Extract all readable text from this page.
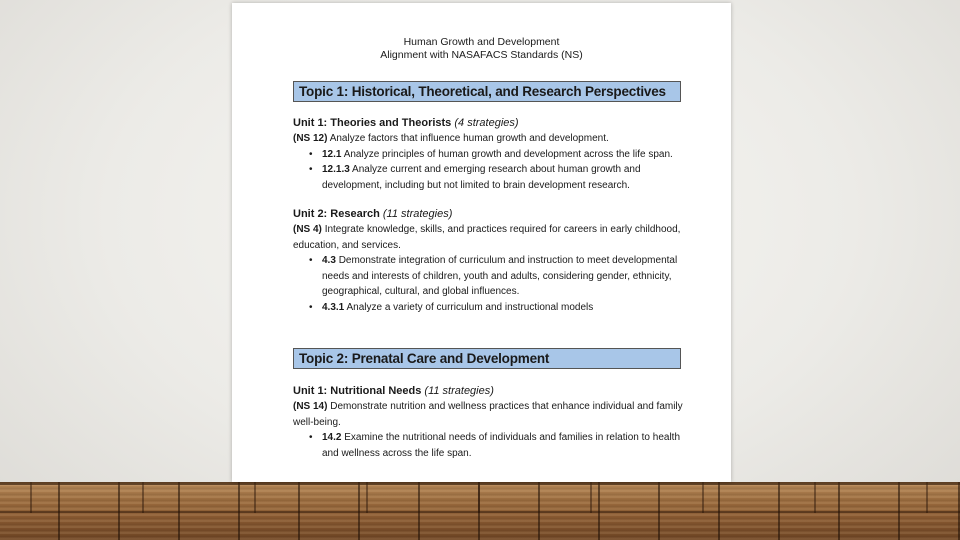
Human Growth and Development
Alignment with NASAFACS Standards (NS)
Topic 1: Historical, Theoretical, and Research Perspectives
Unit 1: Theories and Theorists (4 strategies)
(NS 12) Analyze factors that influence human growth and development.
• 12.1 Analyze principles of human growth and development across the life span.
• 12.1.3 Analyze current and emerging research about human growth and development, including but not limited to brain development research.
Unit 2: Research (11 strategies)
(NS 4) Integrate knowledge, skills, and practices required for careers in early childhood, education, and services.
• 4.3 Demonstrate integration of curriculum and instruction to meet developmental needs and interests of children, youth and adults, considering gender, ethnicity, geographical, cultural, and global influences.
• 4.3.1 Analyze a variety of curriculum and instructional models
Topic 2: Prenatal Care and Development
Unit 1: Nutritional Needs (11 strategies)
(NS 14) Demonstrate nutrition and wellness practices that enhance individual and family well-being.
• 14.2 Examine the nutritional needs of individuals and families in relation to health and wellness across the life span.
